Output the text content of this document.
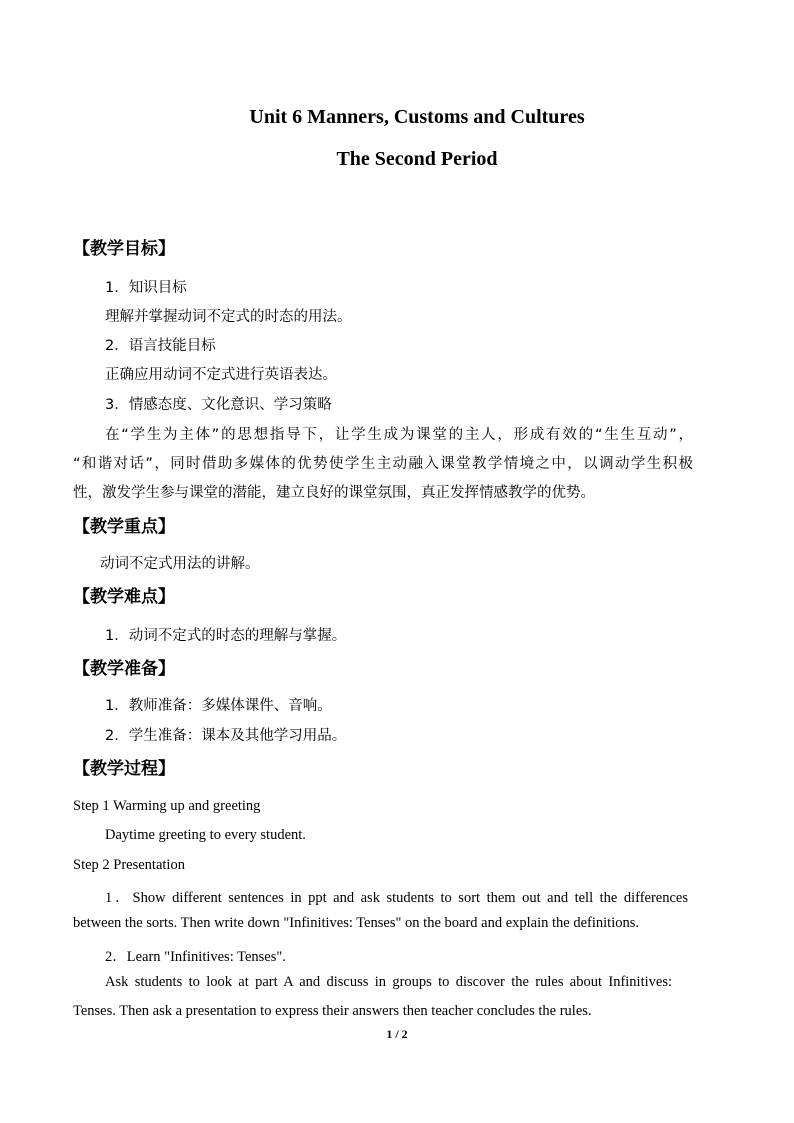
Unit 6 Manners, Customs and Cultures
The Second Period
【教学目标】
1．知识目标
理解并掌握动词不定式的时态的用法。
2．语言技能目标
正确应用动词不定式进行英语表达。
3．情感态度、文化意识、学习策略
在“学生为主体”的思想指导下，让学生成为课堂的主人，形成有效的“生生互动”，
“和谐对话”，同时借助多媒体的优势使学生主动融入课堂教学情境之中，以调动学生积极
性，激发学生参与课堂的潜能，建立良好的课堂氛围，真正发挥情感教学的优势。
【教学重点】
动词不定式用法的讲解。
【教学难点】
1．动词不定式的时态的理解与掌握。
【教学准备】
1．教师准备：多媒体课件、音响。
2．学生准备：课本及其他学习用品。
【教学过程】
Step 1 Warming up and greeting
Daytime greeting to every student.
Step 2 Presentation
1．Show different sentences in ppt and ask students to sort them out and tell the differences
between the sorts. Then write down "Infinitives: Tenses" on the board and explain the definitions.
2．Learn "Infinitives: Tenses".
Ask students to look at part A and discuss in groups to discover the rules about Infinitives:
Tenses. Then ask a presentation to express their answers then teacher concludes the rules.
1 / 2
